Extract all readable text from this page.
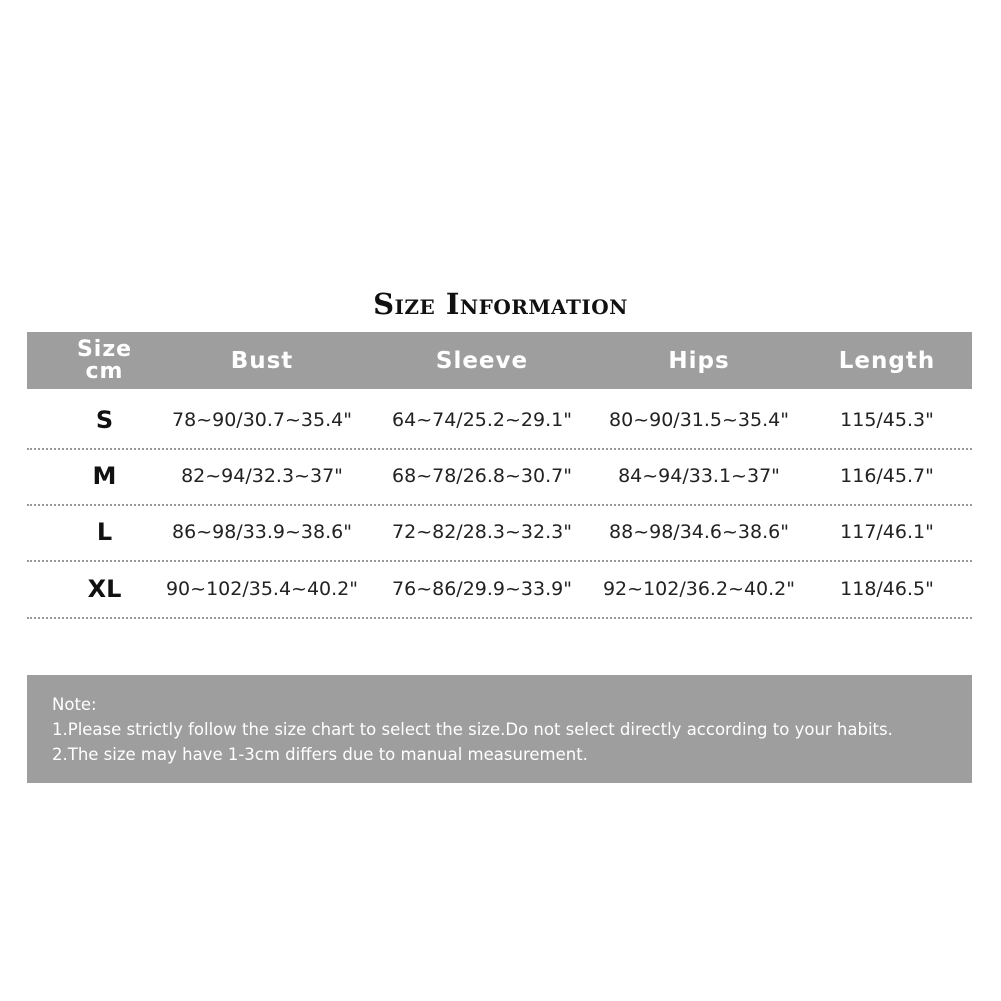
Size Information
Size
cm	Bust	Sleeve	Hips	Length
S	78~90/30.7~35.4"	64~74/25.2~29.1"	80~90/31.5~35.4"	115/45.3"
M	82~94/32.3~37"	68~78/26.8~30.7"	84~94/33.1~37"	116/45.7"
L	86~98/33.9~38.6"	72~82/28.3~32.3"	88~98/34.6~38.6"	117/46.1"
XL	90~102/35.4~40.2"	76~86/29.9~33.9"	92~102/36.2~40.2"	118/46.5"
Note:
1.Please strictly follow the size chart to select the size.Do not select directly according to your habits.
2.The size may have 1-3cm differs due to manual measurement.
